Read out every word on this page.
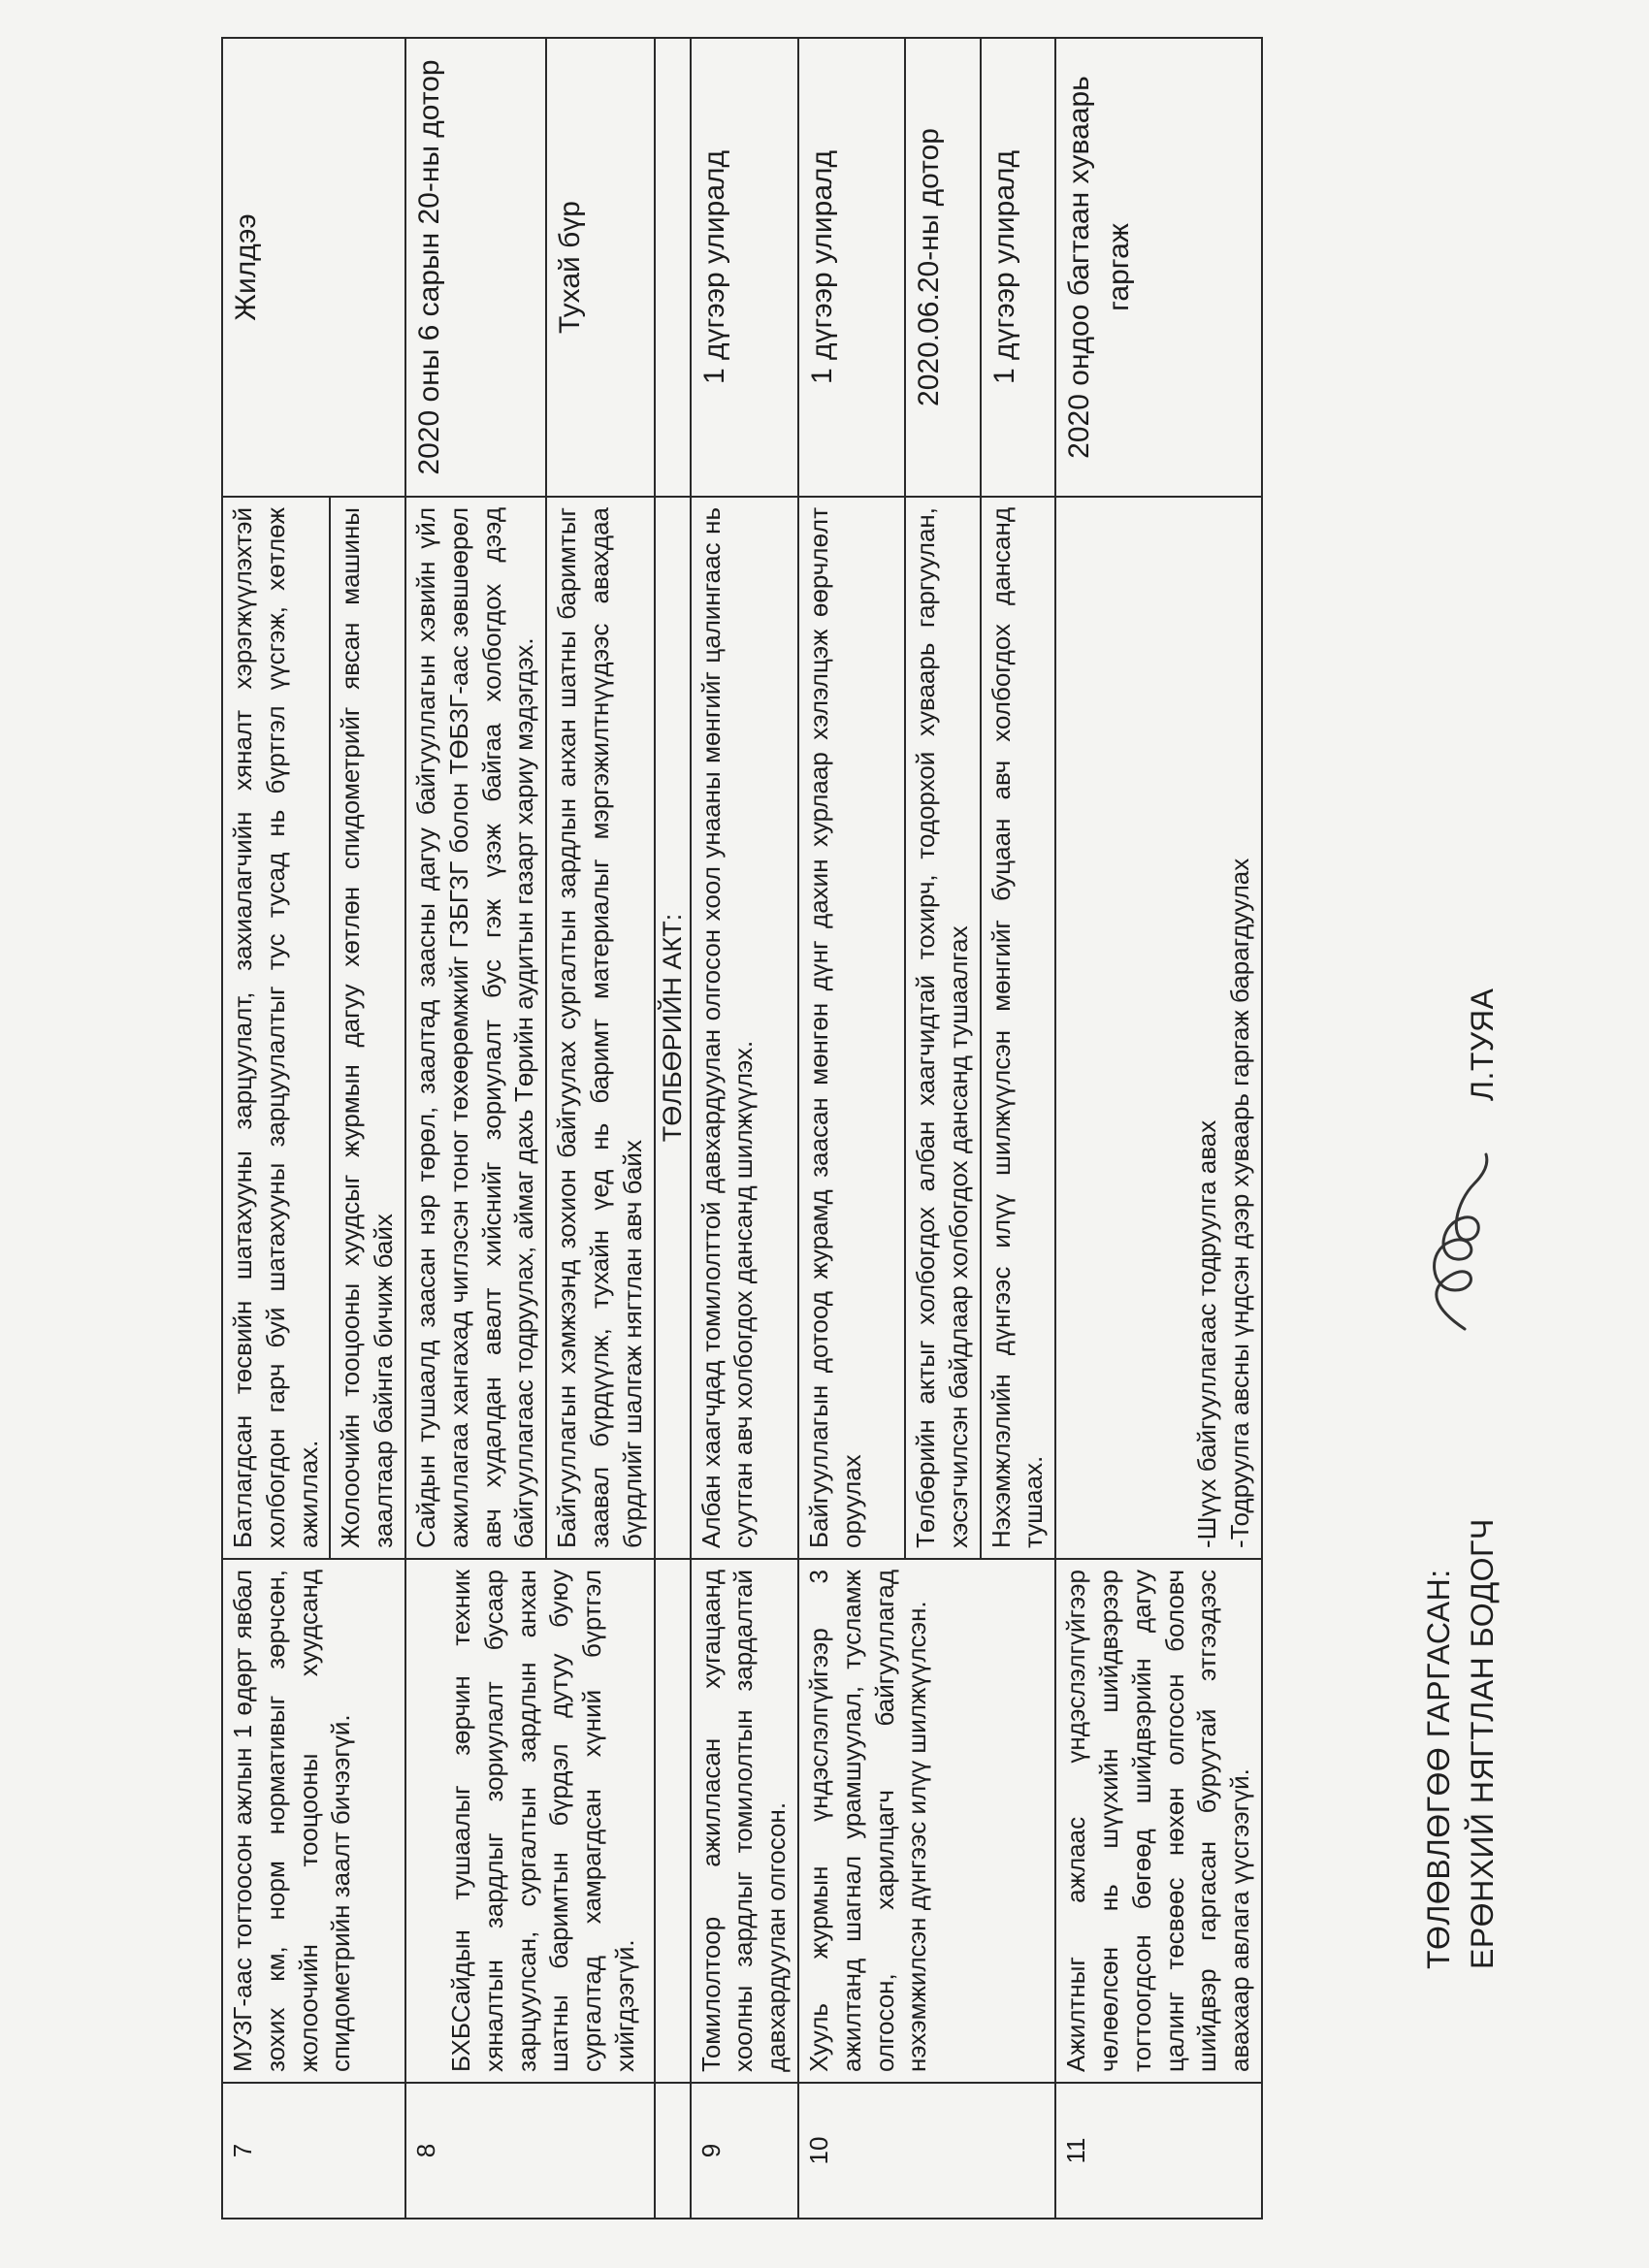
7	МУЗГ-аас тогтоосон ажлын 1 өдөрт явбал зохих км, норм нормативыг зөрчсөн, жолоочийн тооцооны хуудсанд спидометрийн заалт бичээгүй.	Батлагдсан төсвийн шатахууны зарцуулалт, захиалагчийн хяналт хэрэгжүүлэхтэй холбогдон гарч буй шатахууны зарцуулалтыг тус тусад нь бүртгэл үүсгэж, хөтлөж ажиллах.	Жилдээ
		Жолоочийн тооцооны хуудсыг журмын дагуу хөтлөн спидометрийг явсан машины заалтаар байнга бичиж байх	
8	БХБСайдын тушаалыг зөрчин техник хяналтын зардлыг зориулалт бусаар зарцуулсан, сургалтын зардлын анхан шатны баримтын бүрдэл дутуу буюу сургалтад хамрагдсан хүний бүртгэл хийгдээгүй.	Сайдын тушаалд заасан нэр төрөл, заалтад заасны дагуу байгууллагын хэвийн үйл ажиллагаа хангахад чиглэсэн тоног төхөөрөмжийг ГЗБГЗГ болон ТӨБЗГ-аас зөвшөөрөл авч худалдан авалт хийснийг зориулалт бус гэж үзэж байгаа холбогдох дээд байгууллагаас тодруулах, аймаг дахь Төрийн аудитын газарт хариу мэдэгдэх.	2020 оны 6 сарын 20-ны дотор
		Байгууллагын хэмжээнд зохион байгуулах сургалтын зардлын анхан шатны баримтыг заавал бүрдүүлж, тухайн үед нь баримт материалыг мэргэжилтнүүдээс авахдаа бүрдлийг шалгаж нягтлан авч байх	Тухай бүр
		ТӨЛБӨРИЙН АКТ:	
9	Томилолтоор ажилласан хугацаанд хоолны зардлыг томилолтын зардалтай давхардуулан олгосон.	Албан хаагчдад томилолттой давхардуулан олгосон хоол унааны мөнгийг цалингаас нь суутган авч холбогдох дансанд шилжүүлэх.	1 дүгээр улиралд
10	Хууль журмын үндэслэлгүйгээр 3 ажилтанд шагнал урамшуулал, тусламж олгосон, харилцагч байгууллагад нэхэмжилсэн дүнгээс илүү шилжүүлсэн.	Байгууллагын дотоод журамд заасан мөнгөн дүнг дахин хурлаар хэлэлцэж өөрчлөлт оруулах	1 дүгээр улиралд
		Төлбөрийн актыг холбогдох албан хаагчидтай тохирч, тодорхой хуваарь гаргуулан, хэсэгчилсэн байдлаар холбогдох дансанд тушаалгах	2020.06.20-ны дотор
		Нэхэмжлэлийн дүнгээс илүү шилжүүлсэн мөнгийг буцаан авч холбогдох дансанд тушаах.	1 дүгээр улиралд
11	Ажилтныг ажлаас үндэслэлгүйгээр чөлөөлсөн нь шүүхийн шийдвэрээр тогтоогдсон бөгөөд шийдвэрийн дагуу цалинг төсвөөс нөхөн олгосон боловч шийдвэр гаргасан буруутай этгээдээс авахаар авлага үүсгээгүй.	-Шүүх байгууллагаас тодруулга авах -Тодруулга авсны үндсэн дээр хуваарь гаргаж барагдуулах	2020 ондоо багтаан хуваарь гаргаж
ТӨЛӨВЛӨГӨӨ ГАРГАСАН: ЕРӨНХИЙ НЯГТЛАН БОДОГЧ
Л.ТУЯА
